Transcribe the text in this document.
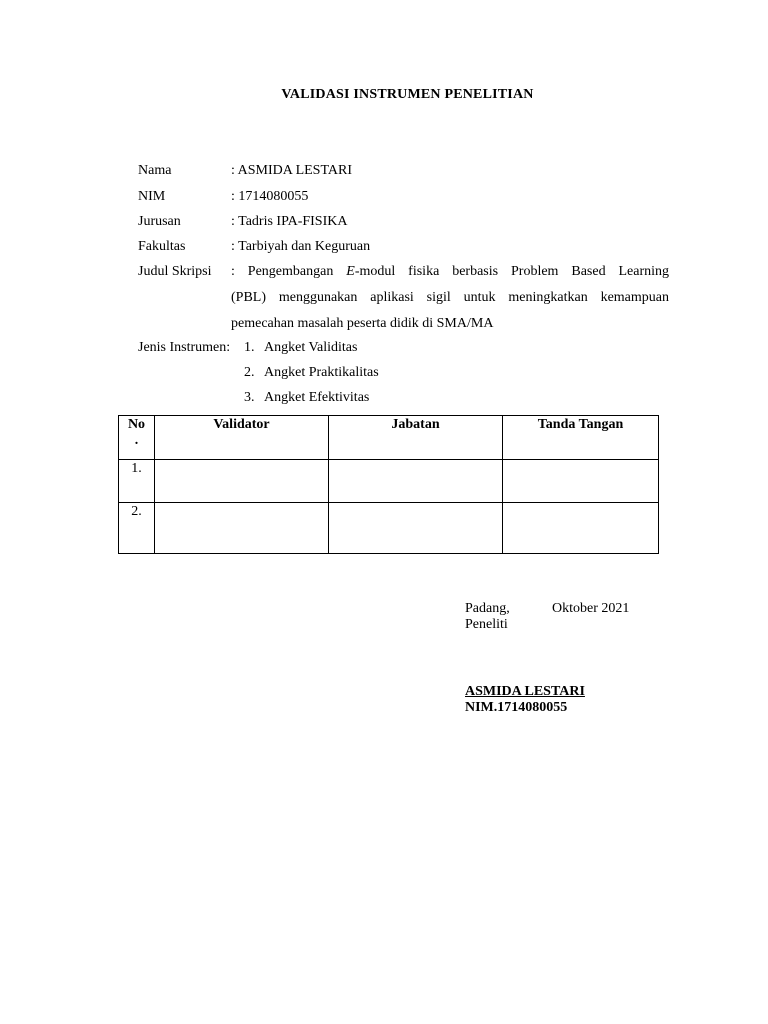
VALIDASI INSTRUMEN PENELITIAN
Nama	: ASMIDA LESTARI
NIM	: 1714080055
Jurusan	: Tadris IPA-FISIKA
Fakultas	: Tarbiyah dan Keguruan
Judul Skripsi : Pengembangan E-modul fisika berbasis Problem Based Learning
(PBL) menggunakan aplikasi sigil untuk meningkatkan kemampuan
pemecahan masalah peserta didik di SMA/MA
Jenis Instrumen: 1. Angket Validitas
2. Angket Praktikalitas
3. Angket Efektivitas
No
.	Validator	Jabatan	Tanda Tangan
1.			
2.			
Padang,	Oktober 2021
Peneliti
ASMIDA LESTARI
NIM.1714080055
